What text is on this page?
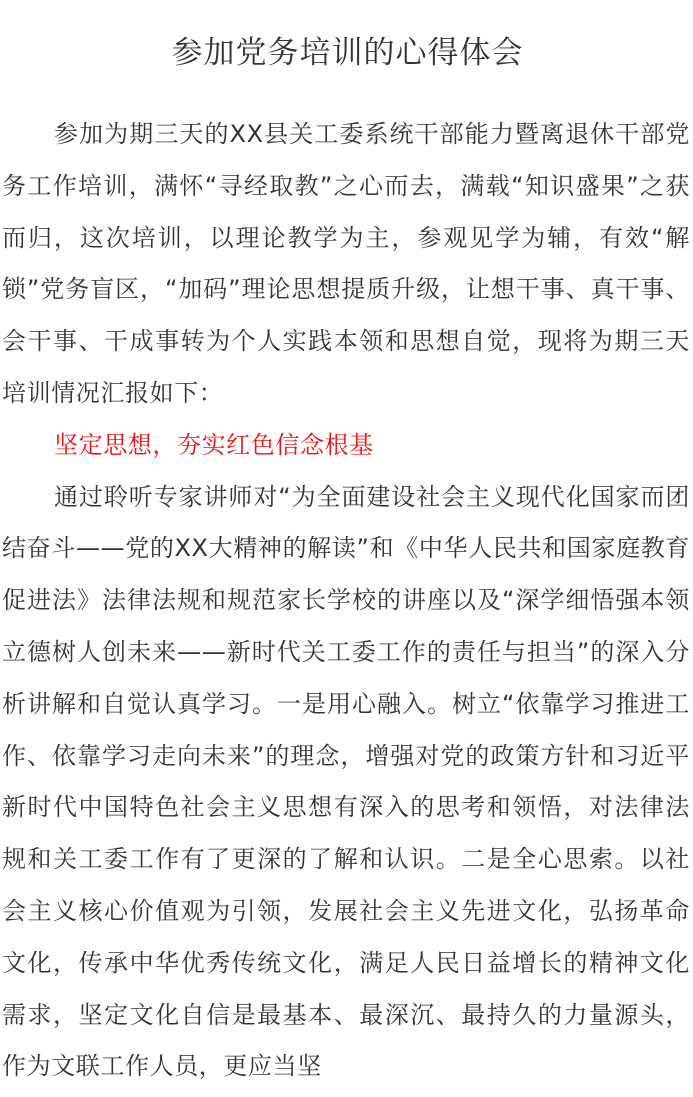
参加党务培训的心得体会

参加为期三天的XX县关工委系统干部能力暨离退休干部党务工作培训，满怀“寻经取教”之心而去，满载“知识盛果”之获而归，这次培训，以理论教学为主，参观见学为辅，有效“解锁”党务盲区，“加码”理论思想提质升级，让想干事、真干事、会干事、干成事转为个人实践本领和思想自觉，现将为期三天培训情况汇报如下：

坚定思想，夯实红色信念根基

通过聆听专家讲师对“为全面建设社会主义现代化国家而团结奋斗——党的XX大精神的解读”和《中华人民共和国家庭教育促进法》法律法规和规范家长学校的讲座以及“深学细悟强本领立德树人创未来——新时代关工委工作的责任与担当”的深入分析讲解和自觉认真学习。一是用心融入。树立“依靠学习推进工作、依靠学习走向未来”的理念，增强对党的政策方针和习近平新时代中国特色社会主义思想有深入的思考和领悟，对法律法规和关工委工作有了更深的了解和认识。二是全心思索。以社会主义核心价值观为引领，发展社会主义先进文化，弘扬革命文化，传承中华优秀传统文化，满足人民日益增长的精神文化需求，坚定文化自信是最基本、最深沉、最持久的力量源头，作为文联工作人员，更应当坚
